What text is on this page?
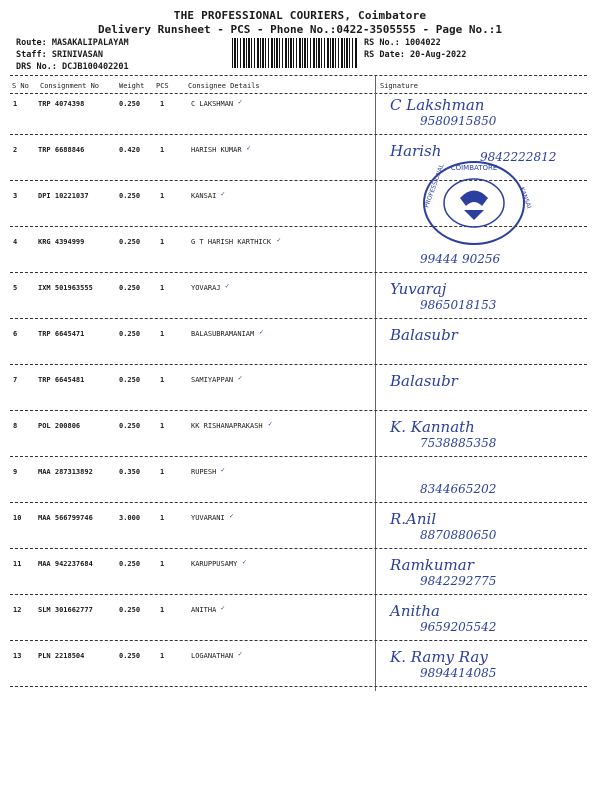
THE PROFESSIONAL COURIERS, Coimbatore
Delivery Runsheet - PCS - Phone No.:0422-3505555 - Page No.:1
Route: MASAKALIPALAYAM
Staff: SRINIVASAN
DRS No.: DCJB100402201
RS No.: 1004022
RS Date: 20-Aug-2022
S No Consignment No	Weight PCS	Consignee Details	Signature
1	TRP 4074398	0.250	1	C LAKSHMAN ✓	C Lakshman
9580915850
2	TRP 6688846	0.420	1	HARISH KUMAR ✓	Harish	9842222812
3	DPI 10221037	0.250	1	KANSAI ✓
4	KRG 4394999	0.250	1	G T HARISH KARTHICK ✓
99444 90256
5	IXM 501963555	0.250	1	YOVARAJ ✓	Yuvaraj
9865018153
6	TRP 6645471	0.250	1	BALASUBRAMANIAM ✓	Balasubr
7	TRP 6645481	0.250	1	SAMIYAPPAN ✓	Balasubr
8	POL 200806	0.250	1	KK RISHANAPRAKASH ✓	K. Kannath
7538885358
9	MAA 287313892	0.350	1	RUPESH ✓
8344665202
10 MAA 566799746	3.000	1	YUVARANI ✓	R.Anil
8870880650
11 MAA 942237684	0.250	1	KARUPPUSAMY ✓	Ramkumar
9842292775
12 SLM 301662777	0.250	1	ANITHA ✓	Anitha
9659205542
13 PLN 2218504	0.250	1	LOGANATHAN ✓	K. Ramy Ray
9894414085
COIMBATORE
PROFESSIONAL	KANSAI
